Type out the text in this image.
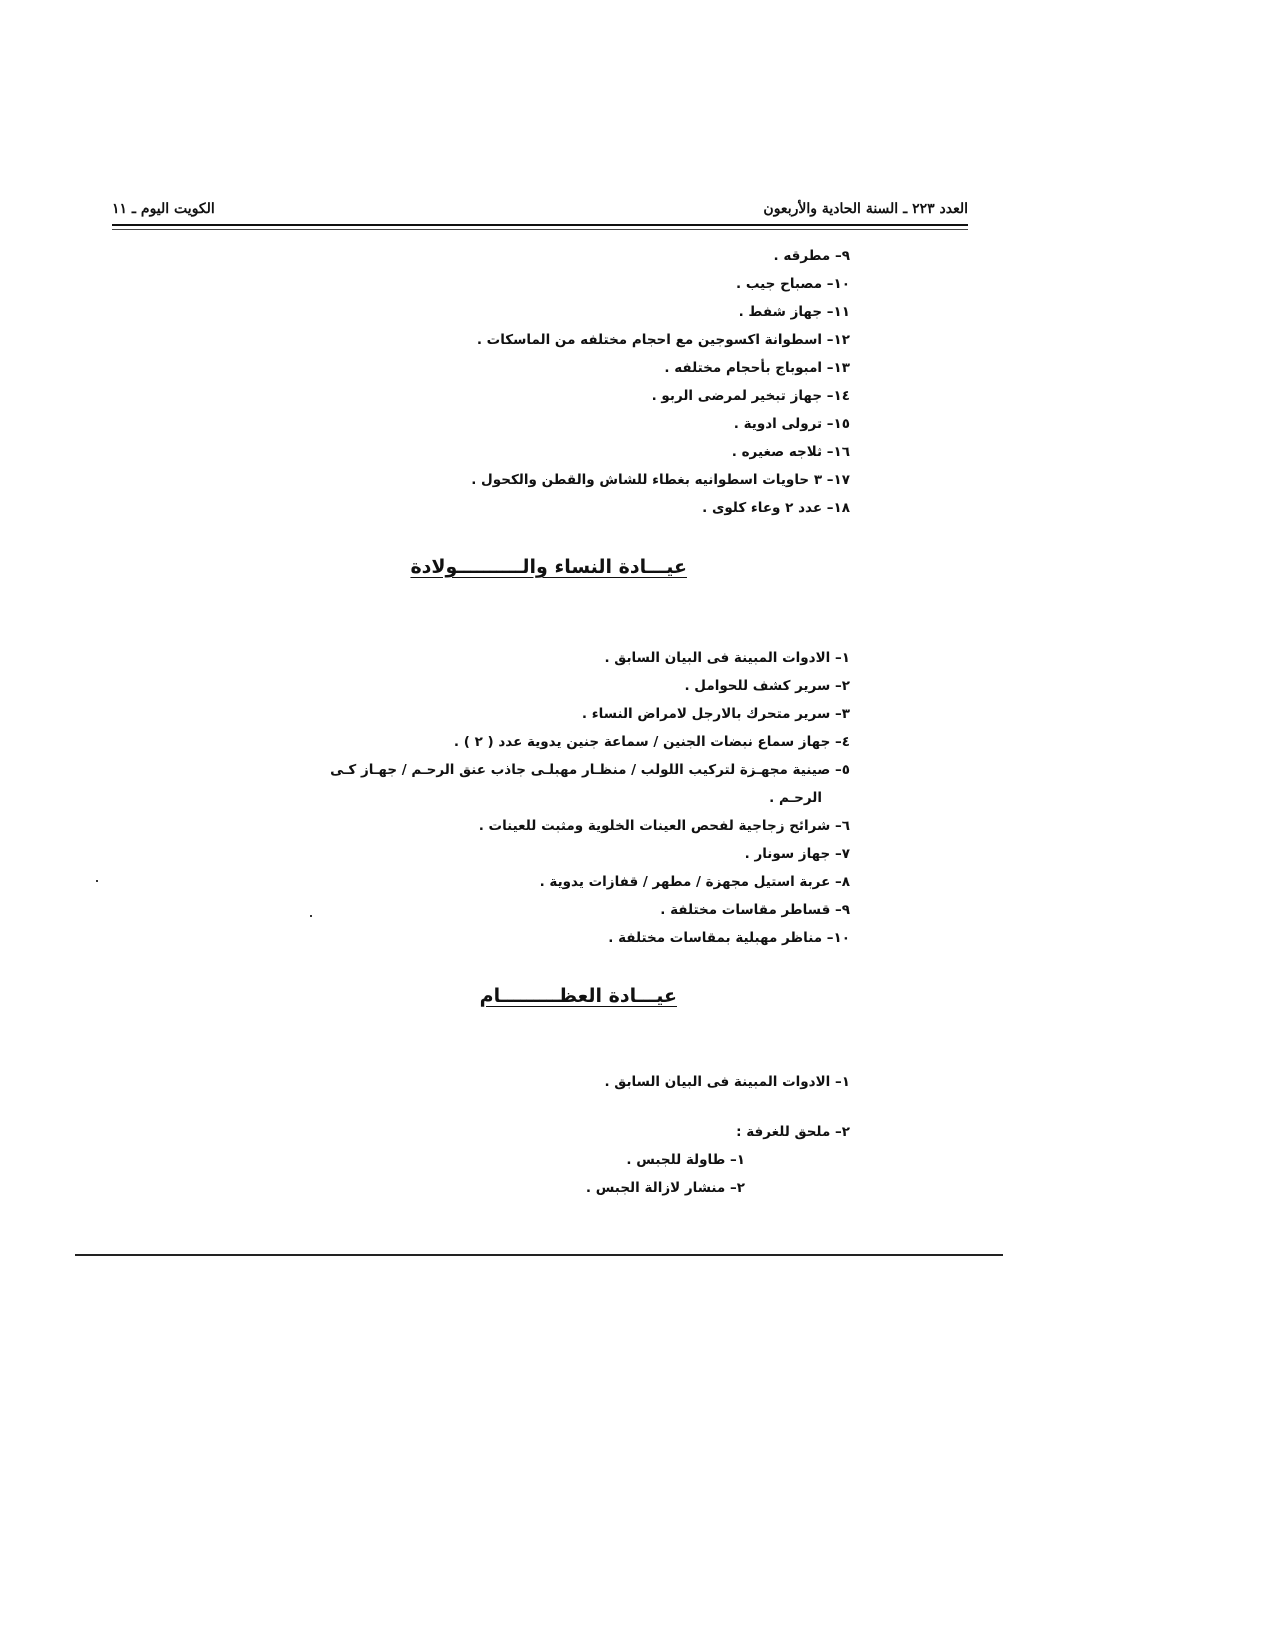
العدد ٢٢٣ ـ السنة الحادية والأربعون
الكويت اليوم ـ ١١
٩– مطرقه .
١٠– مصباح جيب .
١١– جهاز شفط .
١٢– اسطوانة اكسوجين مع احجام مختلفه من الماسكات .
١٣– امبوباج بأحجام مختلفه .
١٤– جهاز تبخير لمرضى الربو .
١٥– ترولى ادوية .
١٦– ثلاجه صغيره .
١٧– ٣ حاويات اسطوانيه بغطاء للشاش والقطن والكحول .
١٨– عدد ٢ وعاء كلوى .
عيـــادة النساء والــــــــــولادة
١– الادوات المبينة فى البيان السابق .
٢– سرير كشف للحوامل .
٣– سرير متحرك بالارجل لامراض النساء .
٤– جهاز سماع نبضات الجنين / سماعة جنين يدوية عدد ( ٢ ) .
٥– صينية مجهـزة لتركيب اللولب / منظـار مهبلـى جاذب عنق الرحـم / جهـاز كـى
الرحـم .
٦– شرائح زجاجية لفحص العينات الخلوية ومثبت للعينات .
٧– جهاز سونار .
٨– عربة استيل مجهزة / مطهر / قفازات يدوية .
٩– قساطر مقاسات مختلفة .
١٠– مناظر مهبلية بمقاسات مختلفة .
عيـــادة العظـــــــــام
١– الادوات المبينة فى البيان السابق .
٢– ملحق للغرفة :
١– طاولة للجبس .
٢– منشار لازالة الجبس .
